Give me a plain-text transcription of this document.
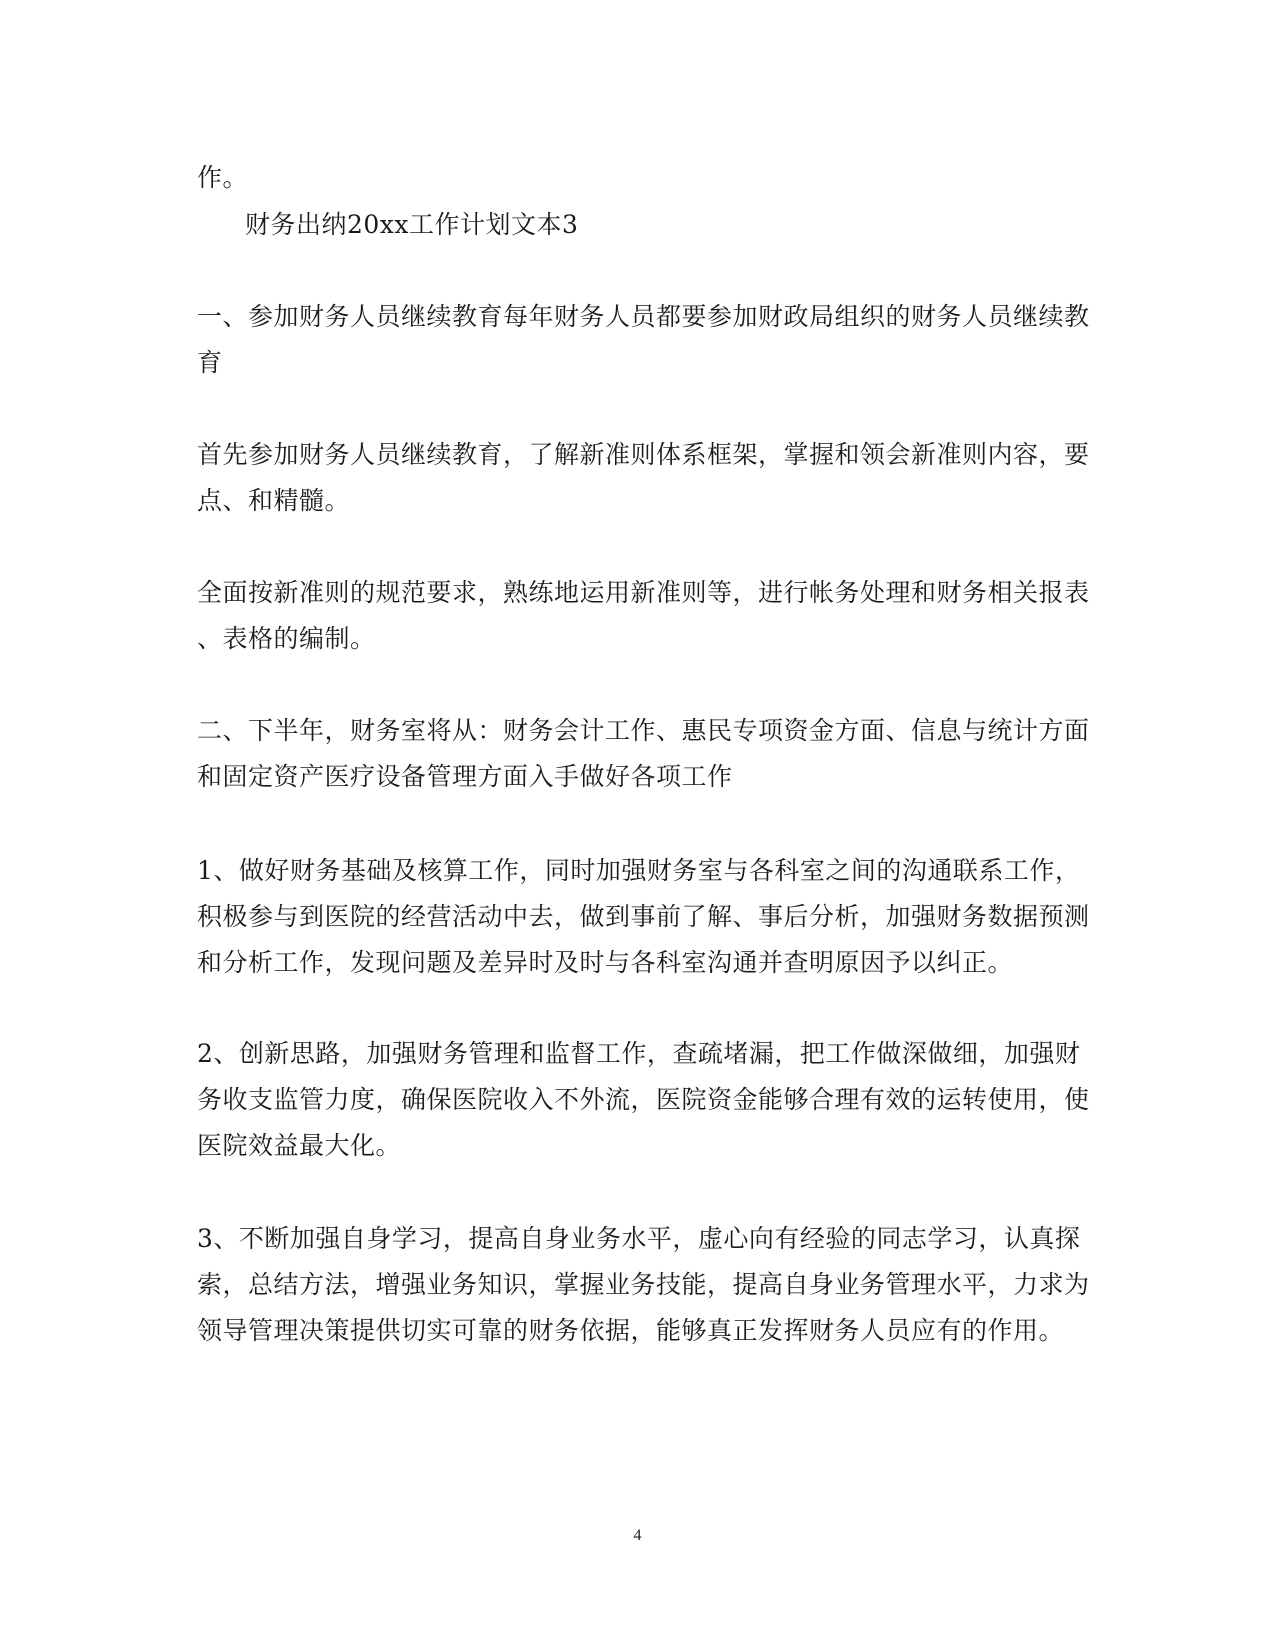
作。
财务出纳20xx工作计划文本3
一、参加财务人员继续教育每年财务人员都要参加财政局组织的财务人员继续教
育
首先参加财务人员继续教育，了解新准则体系框架，掌握和领会新准则内容，要
点、和精髓。
全面按新准则的规范要求，熟练地运用新准则等，进行帐务处理和财务相关报表
、表格的编制。
二、下半年，财务室将从：财务会计工作、惠民专项资金方面、信息与统计方面
和固定资产医疗设备管理方面入手做好各项工作
1、做好财务基础及核算工作，同时加强财务室与各科室之间的沟通联系工作，
积极参与到医院的经营活动中去，做到事前了解、事后分析，加强财务数据预测
和分析工作，发现问题及差异时及时与各科室沟通并查明原因予以纠正。
2、创新思路，加强财务管理和监督工作，查疏堵漏，把工作做深做细，加强财
务收支监管力度，确保医院收入不外流，医院资金能够合理有效的运转使用，使
医院效益最大化。
3、不断加强自身学习，提高自身业务水平，虚心向有经验的同志学习，认真探
索，总结方法，增强业务知识，掌握业务技能，提高自身业务管理水平，力求为
领导管理决策提供切实可靠的财务依据，能够真正发挥财务人员应有的作用。
4
